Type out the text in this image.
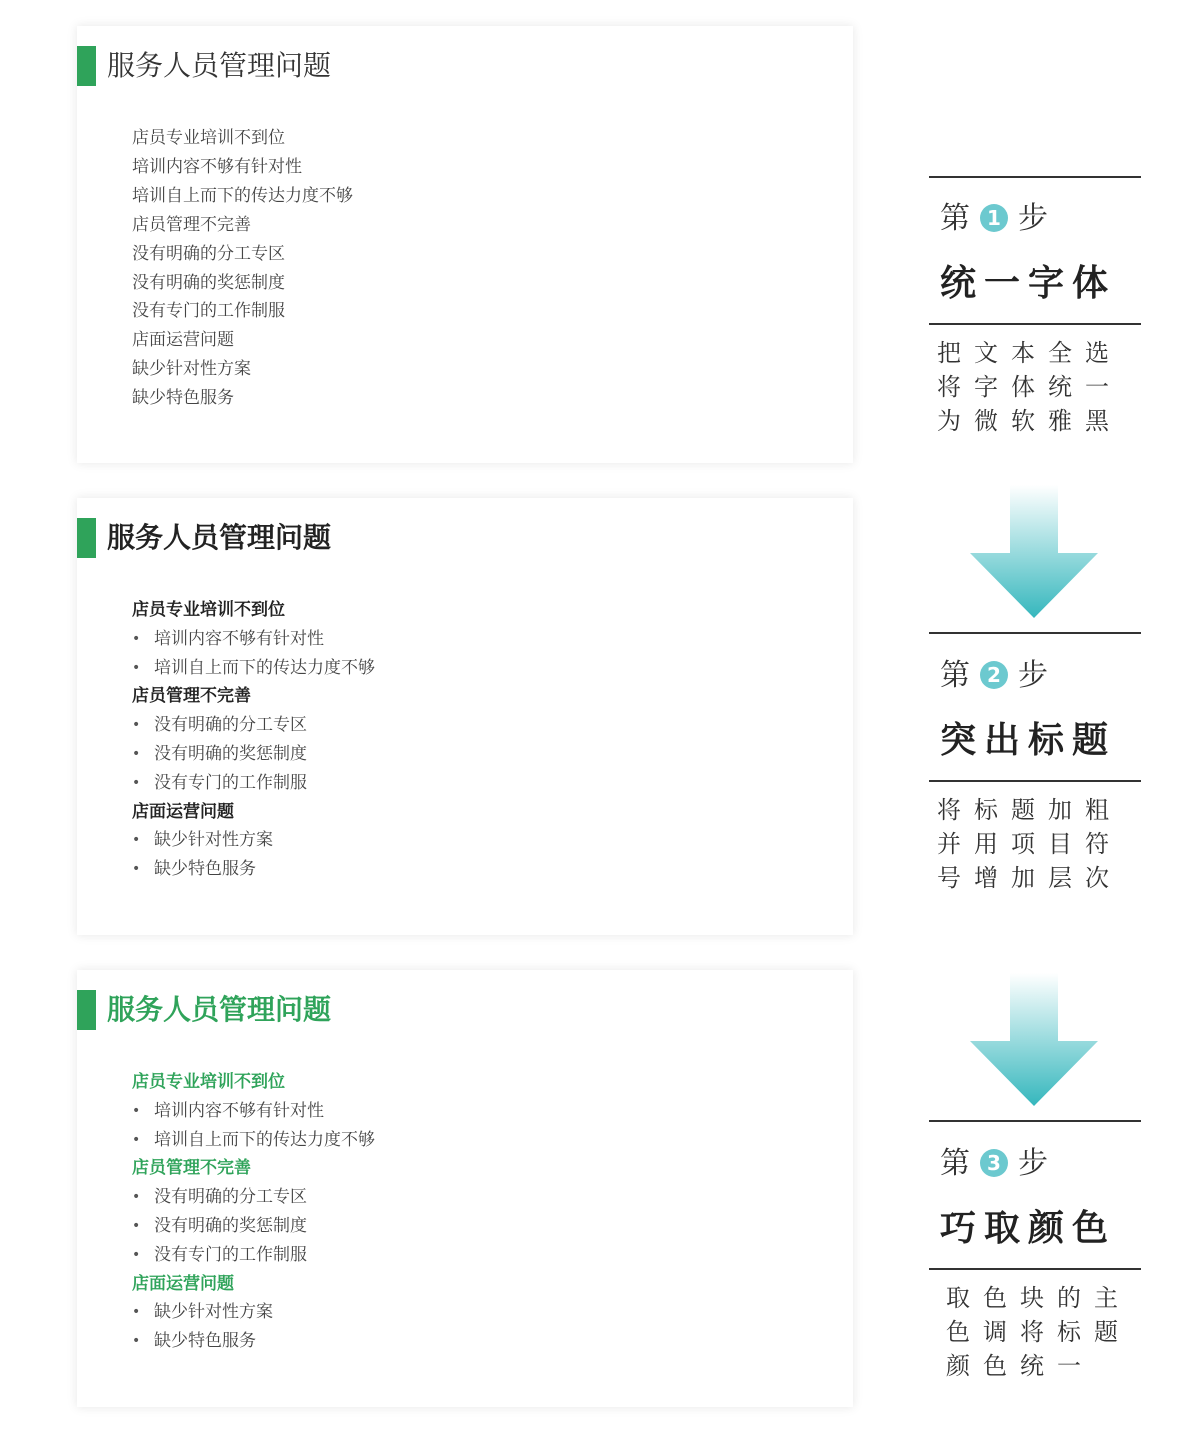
服务人员管理问题
店员专业培训不到位
培训内容不够有针对性
培训自上而下的传达力度不够
店员管理不完善
没有明确的分工专区
没有明确的奖惩制度
没有专门的工作制服
店面运营问题
缺少针对性方案
缺少特色服务
服务人员管理问题
店员专业培训不到位
• 培训内容不够有针对性
• 培训自上而下的传达力度不够
店员管理不完善
• 没有明确的分工专区
• 没有明确的奖惩制度
• 没有专门的工作制服
店面运营问题
• 缺少针对性方案
• 缺少特色服务
服务人员管理问题
店员专业培训不到位
• 培训内容不够有针对性
• 培训自上而下的传达力度不够
店员管理不完善
• 没有明确的分工专区
• 没有明确的奖惩制度
• 没有专门的工作制服
店面运营问题
• 缺少针对性方案
• 缺少特色服务
第 1 步
统一字体
把文本全选
将字体统一
为微软雅黑
第 2 步
突出标题
将标题加粗
并用项目符
号增加层次
第 3 步
巧取颜色
取色块的主
色调将标题
颜色统一
